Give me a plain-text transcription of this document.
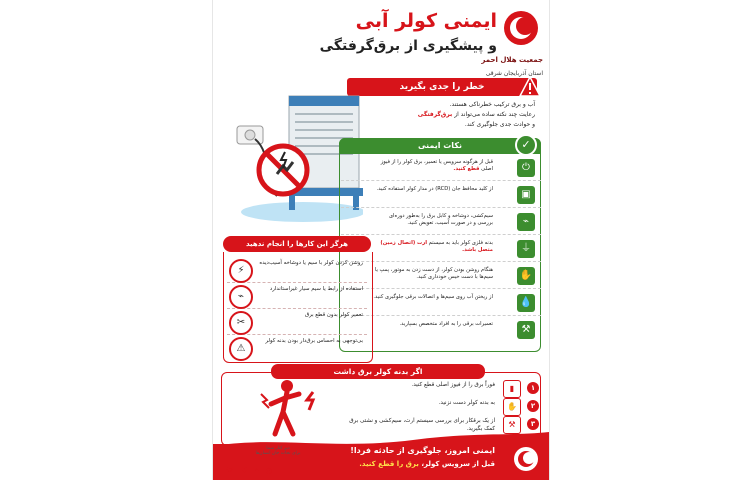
جمعیت هلال احمر
استان آذربایجان شرقی
ایمنی کولر آبی
و پیشگیری از برق‌گرفتگی
خطر را جدی بگیرید
آب و برق ترکیب خطرناکی هستند.
رعایت چند نکته ساده می‌تواند از برق‌گرفتگی
و حوادث جدی جلوگیری کند.
نکات ایمنی	✓
⏻
قبل از هرگونه سرویس یا تعمیر، برق کولر را از فیوز اصلی قطع کنید.
▣
از کلید محافظ جان (RCD) در مدار کولر استفاده کنید.
⌁
سیم‌کشی، دوشاخه و کابل برق را به‌طور دوره‌ای بررسی و در صورت آسیب، تعویض کنید.
⏚
بدنه فلزی کولر باید به سیستم ارت (اتصال زمین) متصل باشد.
✋
هنگام روشن بودن کولر، از دست زدن به موتور، پمپ یا سیم‌ها با دست خیس خودداری کنید.
💧
از ریختن آب روی سیم‌ها و اتصالات برقی جلوگیری کنید.
⚒
تعمیرات برقی را به افراد متخصص بسپارید.
هرگز این کارها را انجام ندهید
⚡
روشن کردن کولر با سیم یا دوشاخه آسیب‌دیده
⌁
استفاده از رابط یا سیم سیار غیراستاندارد
✂
تعمیر کولر بدون قطع برق
⚠
بی‌توجهی به احساس برق‌دار بودن بدنه کولر
اگر بدنه کولر برق داشت
۱
▮
فوراً برق را از فیوز اصلی قطع کنید.
۲
✋
به بدنه کولر دست نزنید.
۳
⚒
از یک برقکار برای بررسی سیستم ارت، سیم‌کشی و نشتی برق کمک بگیرید.
ایمنی امروز، جلوگیری از حادثه فردا!
قبل از سرویس کولر، برق را قطع کنید.
دیر کنار شما
برای نجات جان انسان‌ها
☎♥⌂◎
